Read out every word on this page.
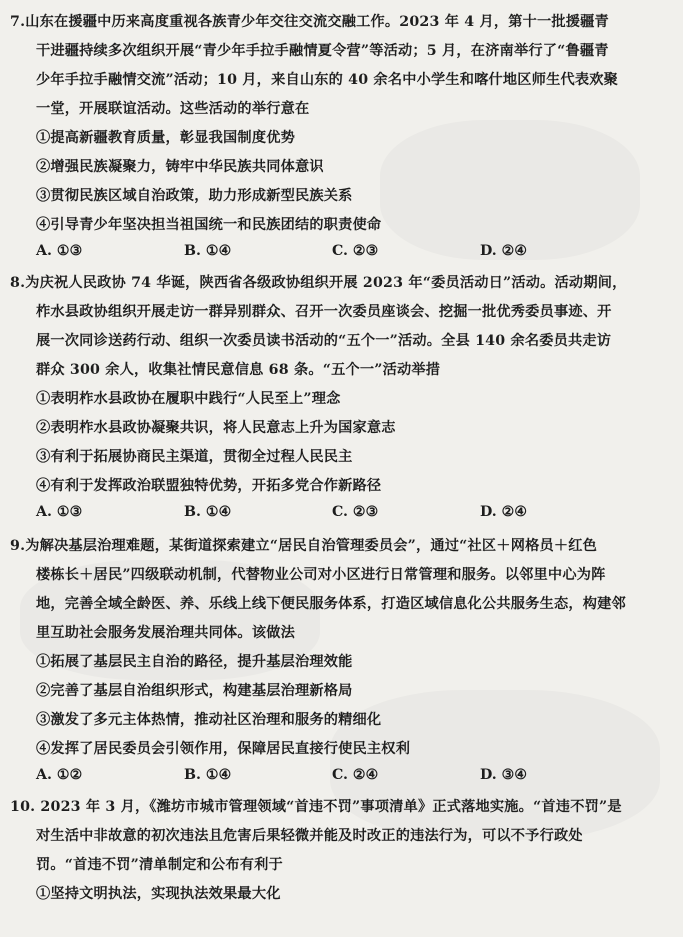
7.山东在援疆中历来高度重视各族青少年交往交流交融工作。2023 年 4 月，第十一批援疆青
干进疆持续多次组织开展“青少年手拉手融情夏令营”等活动；5 月，在济南举行了“鲁疆青
少年手拉手融情交流”活动；10 月，来自山东的 40 余名中小学生和喀什地区师生代表欢聚
一堂，开展联谊活动。这些活动的举行意在
①提高新疆教育质量，彰显我国制度优势
②增强民族凝聚力，铸牢中华民族共同体意识
③贯彻民族区域自治政策，助力形成新型民族关系
④引导青少年坚决担当祖国统一和民族团结的职责使命
A. ①③	B. ①④	C. ②③	D. ②④
8.为庆祝人民政协 74 华诞，陕西省各级政协组织开展 2023 年“委员活动日”活动。活动期间，
柞水县政协组织开展走访一群异别群众、召开一次委员座谈会、挖掘一批优秀委员事迹、开
展一次同诊送药行动、组织一次委员读书活动的“五个一”活动。全县 140 余名委员共走访
群众 300 余人，收集社情民意信息 68 条。“五个一”活动举措
①表明柞水县政协在履职中践行“人民至上”理念
②表明柞水县政协凝聚共识，将人民意志上升为国家意志
③有利于拓展协商民主渠道，贯彻全过程人民民主
④有利于发挥政治联盟独特优势，开拓多党合作新路径
A. ①③	B. ①④	C. ②③	D. ②④
9.为解决基层治理难题，某街道探索建立“居民自治管理委员会”，通过“社区＋网格员＋红色
楼栋长＋居民”四级联动机制，代替物业公司对小区进行日常管理和服务。以邻里中心为阵
地，完善全域全龄医、养、乐线上线下便民服务体系，打造区域信息化公共服务生态，构建邻
里互助社会服务发展治理共同体。该做法
①拓展了基层民主自治的路径，提升基层治理效能
②完善了基层自治组织形式，构建基层治理新格局
③激发了多元主体热情，推动社区治理和服务的精细化
④发挥了居民委员会引领作用，保障居民直接行使民主权利
A. ①②	B. ①④	C. ②④	D. ③④
10. 2023 年 3 月，《潍坊市城市管理领域“首违不罚”事项清单》正式落地实施。“首违不罚”是
对生活中非故意的初次违法且危害后果轻微并能及时改正的违法行为，可以不予行政处
罚。“首违不罚”清单制定和公布有利于
①坚持文明执法，实现执法效果最大化
